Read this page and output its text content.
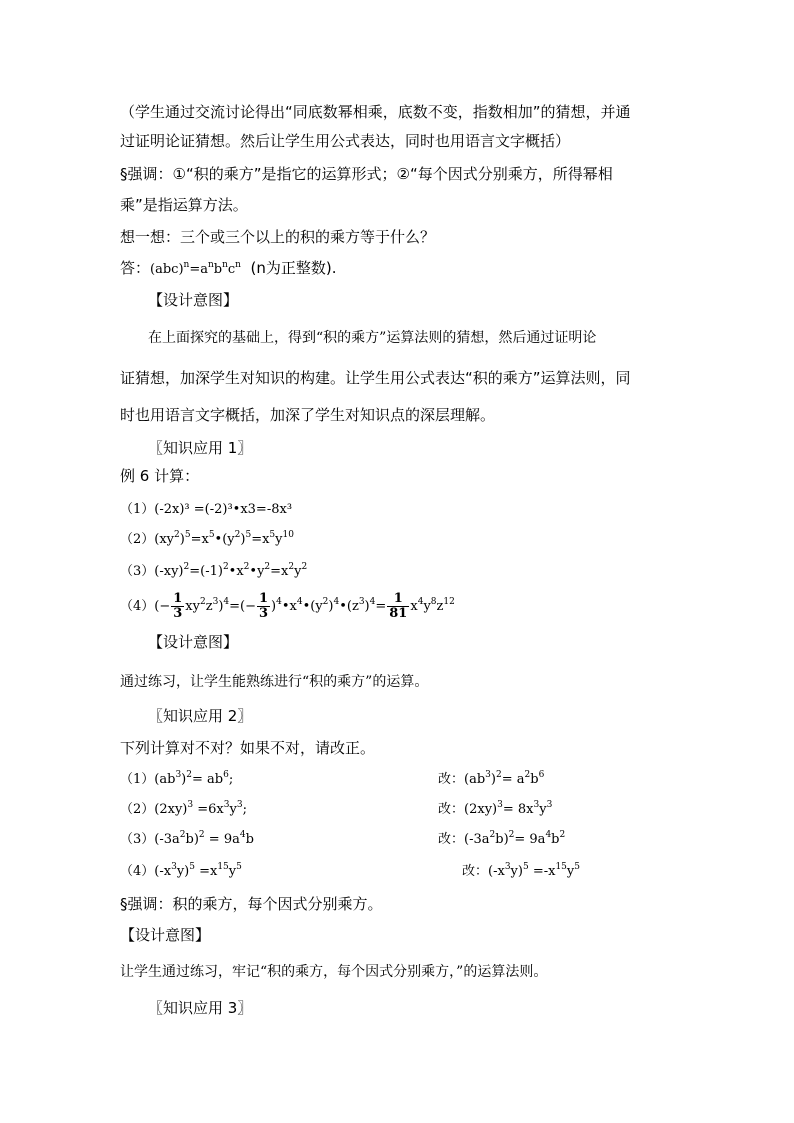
（学生通过交流讨论得出“同底数幂相乘，底数不变，指数相加”的猜想，并通
过证明论证猜想。然后让学生用公式表达，同时也用语言文字概括）
§强调：①“积的乘方”是指它的运算形式；②“每个因式分别乘方，所得幂相
乘”是指运算方法。
想一想：三个或三个以上的积的乘方等于什么？
答：$(abc)^n=a^nb^nc^n$ (n为正整数).
【设计意图】
在上面探究的基础上，得到“积的乘方”运算法则的猜想，然后通过证明论
证猜想，加深学生对知识的构建。让学生用公式表达“积的乘方”运算法则，同
时也用语言文字概括，加深了学生对知识点的深层理解。
〖知识应用 1〗
例 6 计算：
（1）(-2x)³ =(-2)³•x3=-8x³
$(2)(xy^2)^5=x^5•(y^2)^5=x^5y^{10}$
$(3)(-xy)^2=(-1)^2•x^2•y^2=x^2y^2$
$(4)(- \frac{1}{3} xy^2z^3)^4=(- \frac{1}{3}$ )$^4•x^4•(y^2)^4•(z^3)^4= \frac{1}{81} x^4y^8z^{12}$
【设计意图】
通过练习，让学生能熟练进行“积的乘方”的运算。
〖知识应用 2〗
下列计算对不对？如果不对，请改正。
$(1)(ab^3)^2= ab^6$;	改：$(ab^3)^2= a^2b^6$
$(2)(2xy)^3 =6x^3y^3$;	改：$(2xy)^3= 8x^3y^3$
$(3)(-3a^2b)^2 = 9a^4b$	改：$(-3a^2b)^2= 9a^4b^2$
$(4)(-x^3y)^5 =x^{15}y^5$	改：$(-x^3y)^5 =-x^{15}y^5$
§强调：积的乘方，每个因式分别乘方。
【设计意图】
让学生通过练习，牢记“积的乘方，每个因式分别乘方，”的运算法则。
〖知识应用 3〗
